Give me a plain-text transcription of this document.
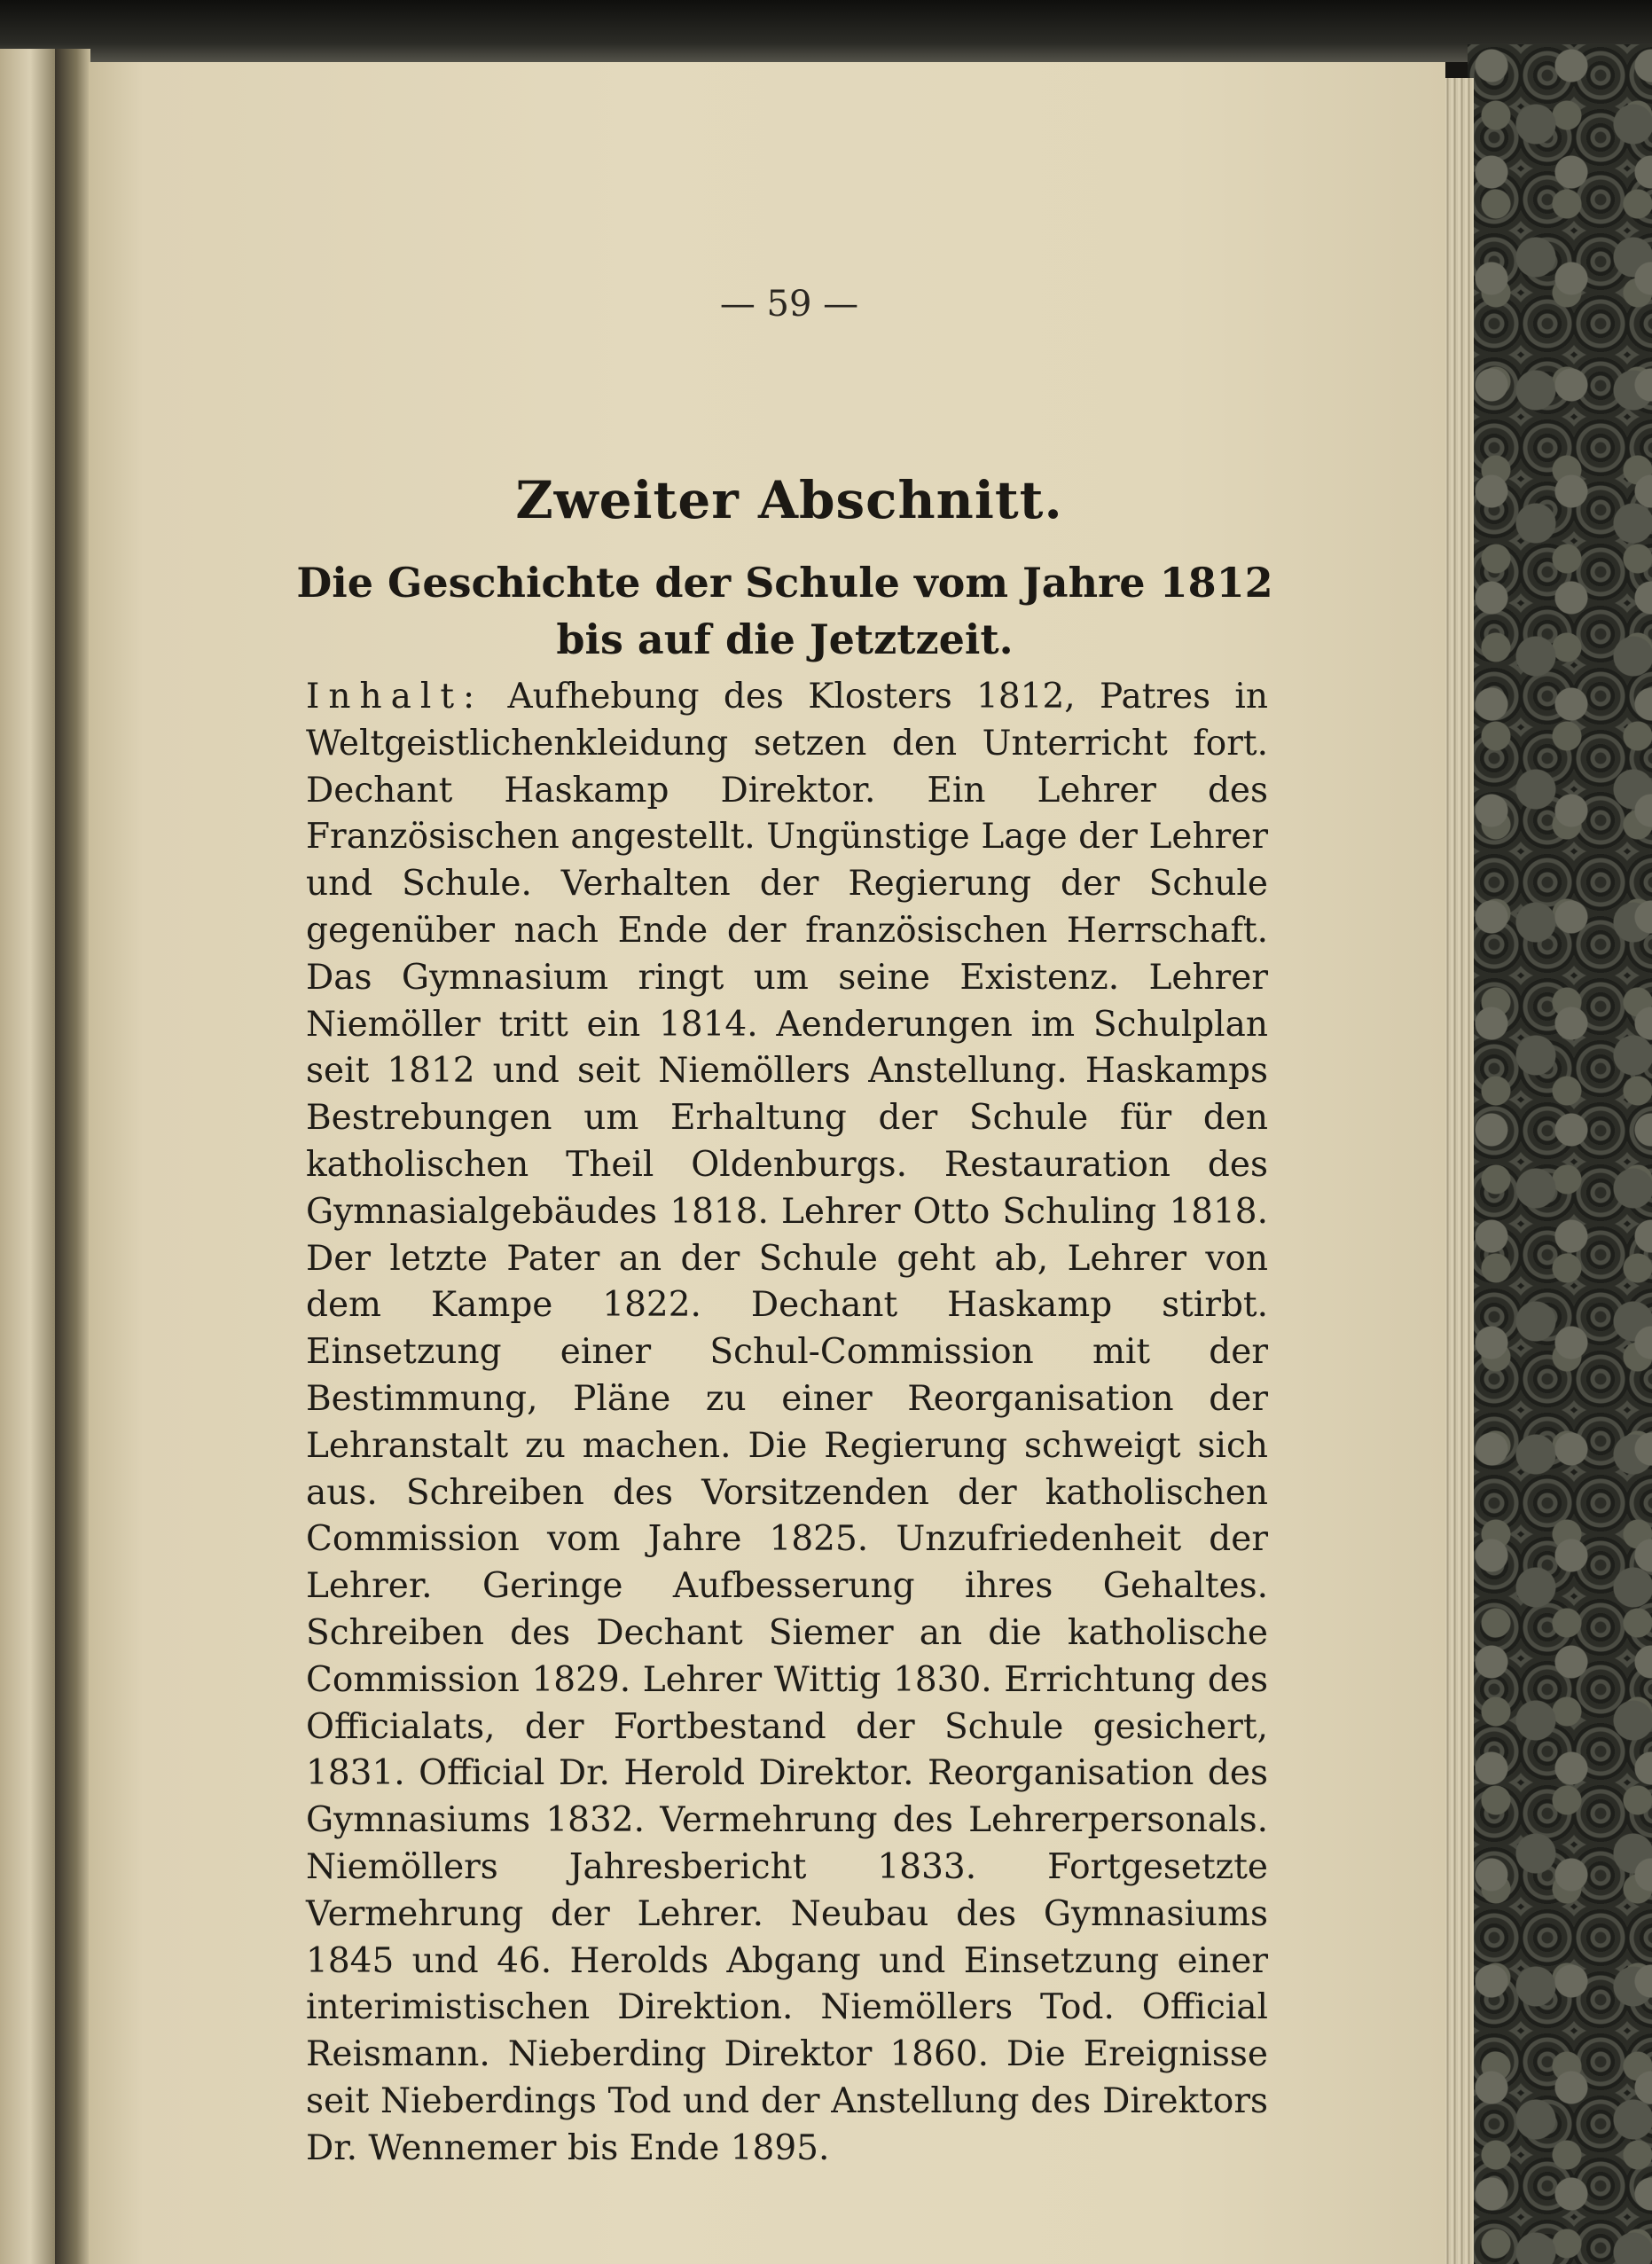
— 59 —
Zweiter Abschnitt.
Die Geschichte der Schule vom Jahre 1812 bis auf die Jetztzeit.
Inhalt: Aufhebung des Klosters 1812, Patres in Weltgeistlichenkleidung setzen den Unterricht fort. Dechant Haskamp Direktor. Ein Lehrer des Französischen angestellt. Ungünstige Lage der Lehrer und Schule. Verhalten der Regierung der Schule gegenüber nach Ende der französischen Herrschaft. Das Gymnasium ringt um seine Existenz. Lehrer Niemöller tritt ein 1814. Aenderungen im Schulplan seit 1812 und seit Niemöllers Anstellung. Haskamps Bestrebungen um Erhaltung der Schule für den katholischen Theil Oldenburgs. Restauration des Gymnasialgebäudes 1818. Lehrer Otto Schuling 1818. Der letzte Pater an der Schule geht ab, Lehrer von dem Kampe 1822. Dechant Haskamp stirbt. Einsetzung einer Schul-Commission mit der Bestimmung, Pläne zu einer Reorganisation der Lehranstalt zu machen. Die Regierung schweigt sich aus. Schreiben des Vorsitzenden der katholischen Commission vom Jahre 1825. Unzufriedenheit der Lehrer. Geringe Aufbesserung ihres Gehaltes. Schreiben des Dechant Siemer an die katholische Commission 1829. Lehrer Wittig 1830. Errichtung des Officialats, der Fortbestand der Schule gesichert, 1831. Official Dr. Herold Direktor. Reorganisation des Gymnasiums 1832. Vermehrung des Lehrerpersonals. Niemöllers Jahresbericht 1833. Fortgesetzte Vermehrung der Lehrer. Neubau des Gymnasiums 1845 und 46. Herolds Abgang und Einsetzung einer interimistischen Direktion. Niemöllers Tod. Official Reismann. Nieberding Direktor 1860. Die Ereignisse seit Nieberdings Tod und der Anstellung des Direktors Dr. Wennemer bis Ende 1895.
